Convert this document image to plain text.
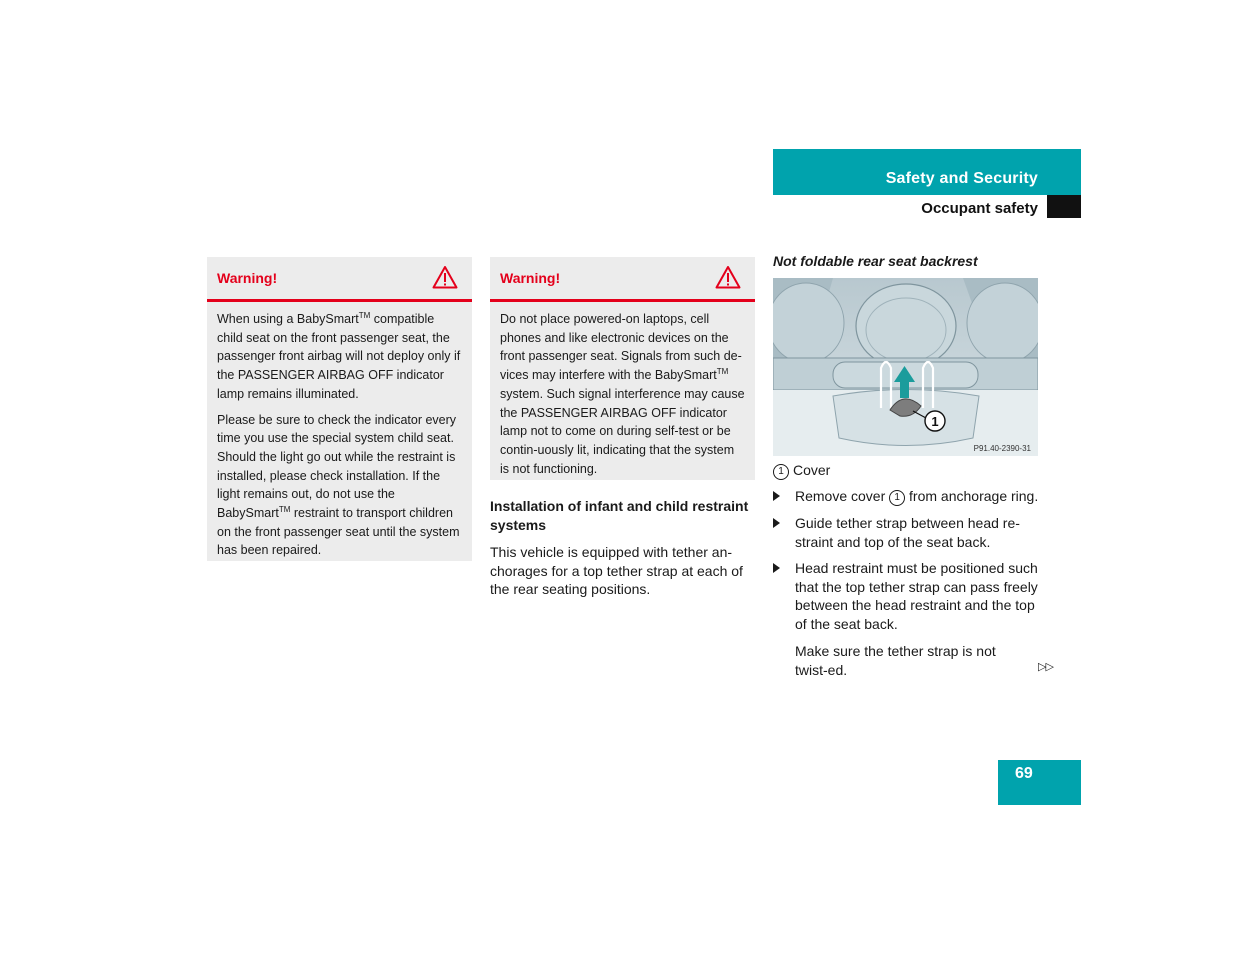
Safety and Security
Occupant safety
Warning!

When using a BabySmart™ compatible child seat on the front passenger seat, the passenger front airbag will not deploy only if the PASSENGER AIRBAG OFF indicator lamp remains illuminated.

Please be sure to check the indicator every time you use the special system child seat. Should the light go out while the restraint is installed, please check installation. If the light remains out, do not use the BabySmart™ restraint to transport children on the front passenger seat until the system has been repaired.

Warning!

Do not place powered-on laptops, cell phones and like electronic devices on the front passenger seat. Signals from such de-vices may interfere with the BabySmart™ system. Such signal interference may cause the PASSENGER AIRBAG OFF indicator lamp not to come on during self-test or be contin-uously lit, indicating that the system is not functioning.

Installation of infant and child restraint systems
This vehicle is equipped with tether an-chorages for a top tether strap at each of the rear seating positions.
Not foldable rear seat backrest
1
P91.40-2390-31
1 Cover
Remove cover 1 from anchorage ring.
Guide tether strap between head re-straint and top of the seat back.
Head restraint must be positioned such that the top tether strap can pass freely between the head restraint and the top of the seat back.
Make sure the tether strap is not twist-ed.	▷▷
69
